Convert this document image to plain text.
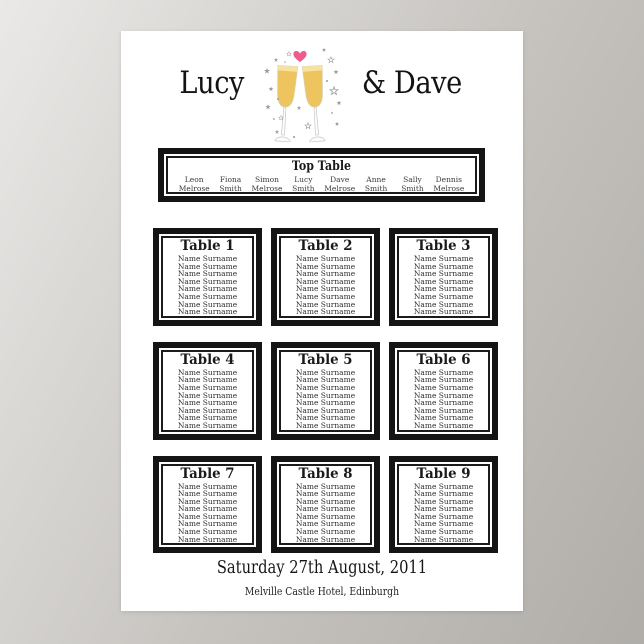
Lucy	& Dave
Top Table
Leon
Melrose
Fiona
Smith
Simon
Melrose
Lucy
Smith
Dave
Melrose
Anne
Smith
Sally
Smith
Dennis
Melrose
Table 1
Name Surname
Name Surname
Name Surname
Name Surname
Name Surname
Name Surname
Name Surname
Name Surname
Table 2
Name Surname
Name Surname
Name Surname
Name Surname
Name Surname
Name Surname
Name Surname
Name Surname
Table 3
Name Surname
Name Surname
Name Surname
Name Surname
Name Surname
Name Surname
Name Surname
Name Surname
Table 4
Name Surname
Name Surname
Name Surname
Name Surname
Name Surname
Name Surname
Name Surname
Name Surname
Table 5
Name Surname
Name Surname
Name Surname
Name Surname
Name Surname
Name Surname
Name Surname
Name Surname
Table 6
Name Surname
Name Surname
Name Surname
Name Surname
Name Surname
Name Surname
Name Surname
Name Surname
Table 7
Name Surname
Name Surname
Name Surname
Name Surname
Name Surname
Name Surname
Name Surname
Name Surname
Table 8
Name Surname
Name Surname
Name Surname
Name Surname
Name Surname
Name Surname
Name Surname
Name Surname
Table 9
Name Surname
Name Surname
Name Surname
Name Surname
Name Surname
Name Surname
Name Surname
Name Surname
Saturday 27th August, 2011
Melville Castle Hotel, Edinburgh
